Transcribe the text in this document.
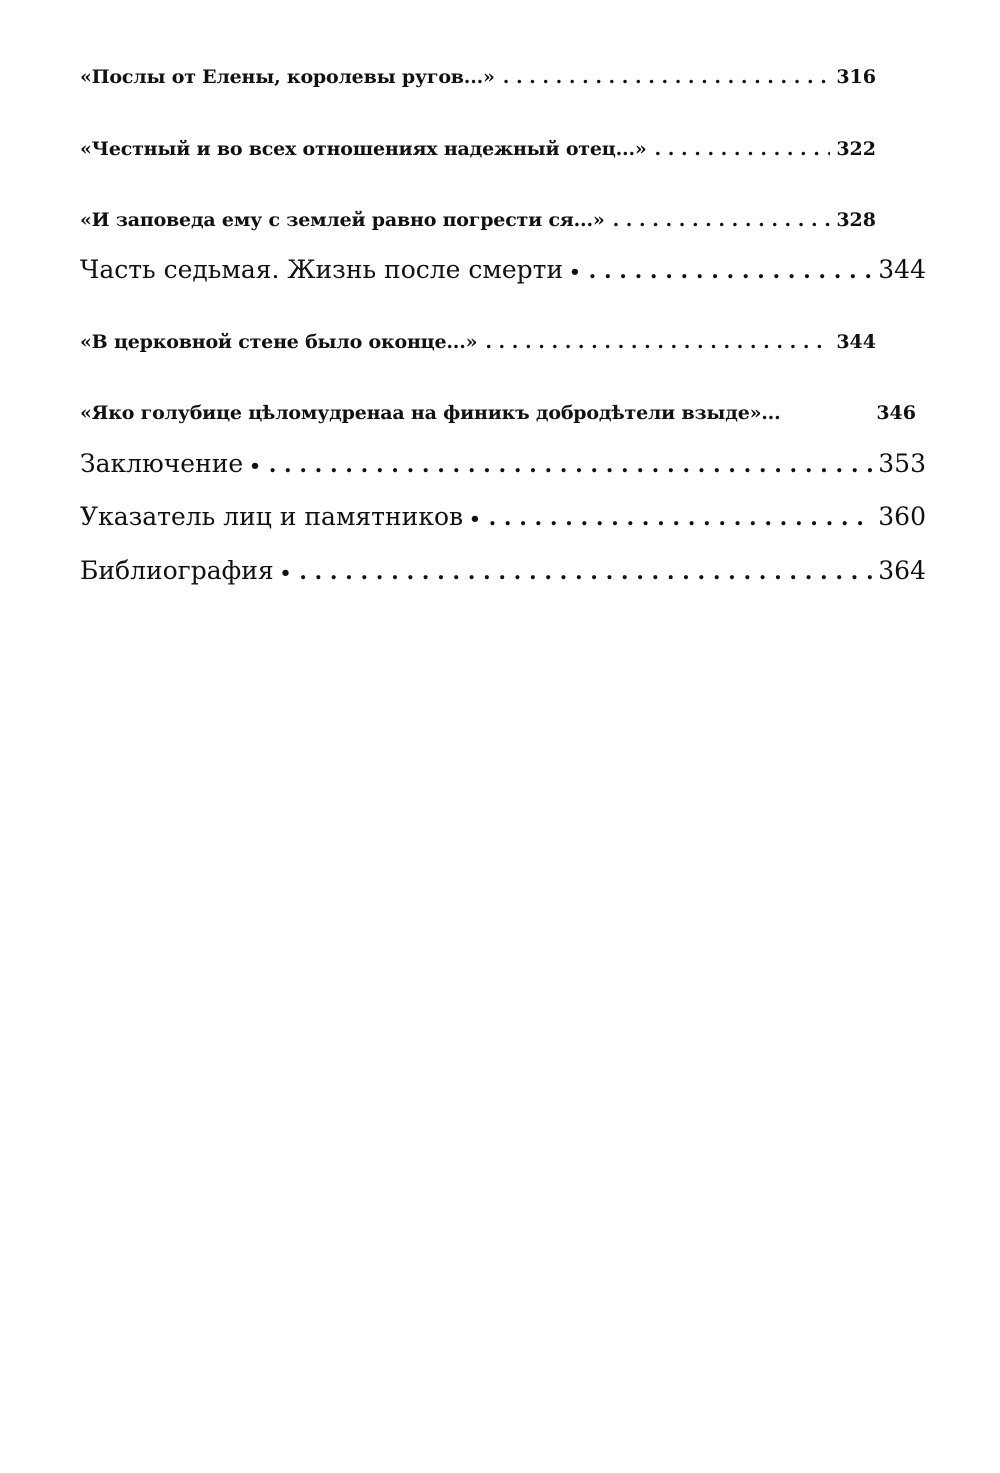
«Послы от Елены, королевы ругов...» . . .	316
«Честный и во всех отношениях надежный отец...» . . .	322
«И заповеда ему с землей равно погрести ся...» . . .	328
Часть седьмая. Жизнь после смерти • . . .	344
«В церковной стене было оконце...» . . .	344
«Яко голубице цѣломудренаа на финикъ добродѣтели взыде»...	346
Заключение • . . .	353
Указатель лиц и памятников • . . .	360
Библиография • . . .	364
